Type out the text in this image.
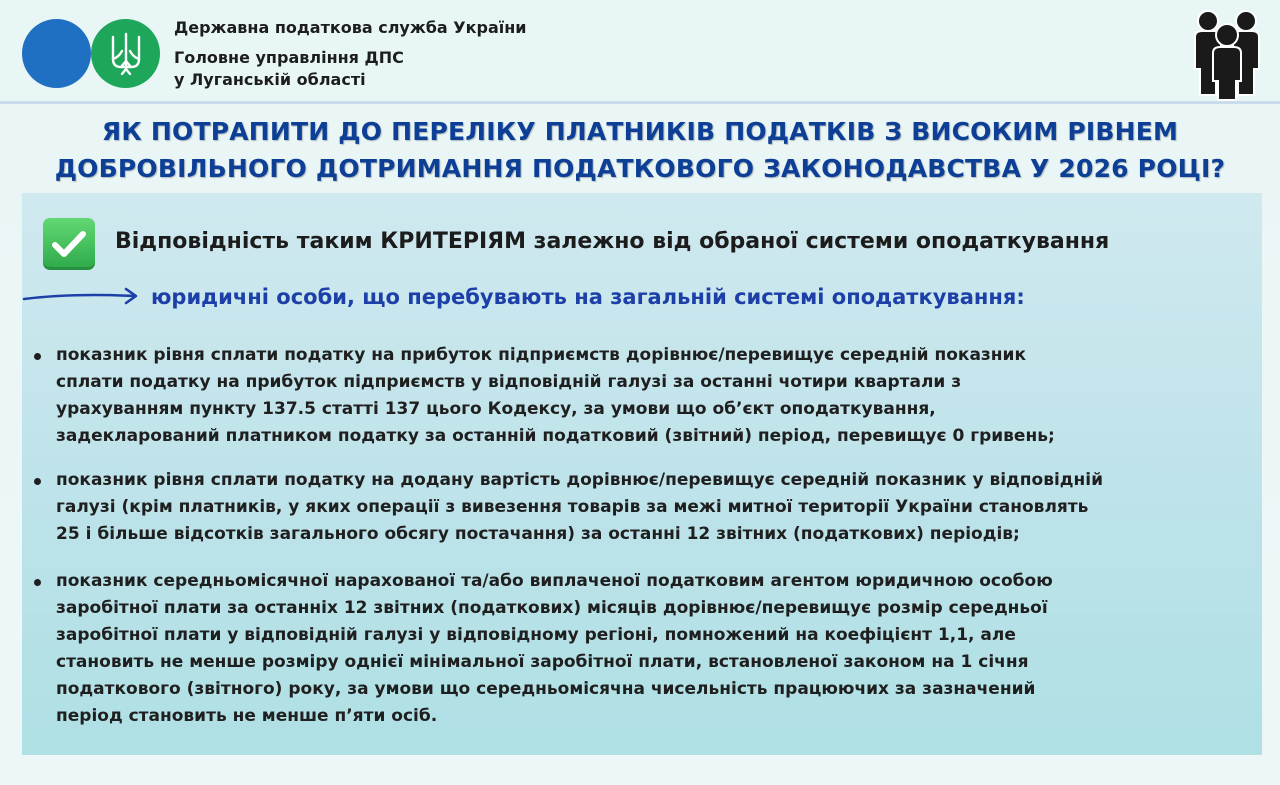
Державна податкова служба України
Головне управління ДПС
у Луганській області
ЯК ПОТРАПИТИ ДО ПЕРЕЛІКУ ПЛАТНИКІВ ПОДАТКІВ З ВИСОКИМ РІВНЕМ
ДОБРОВІЛЬНОГО ДОТРИМАННЯ ПОДАТКОВОГО ЗАКОНОДАВСТВА У 2026 РОЦІ?
Відповідність таким КРИТЕРІЯМ залежно від обраної системи оподаткування
юридичні особи, що перебувають на загальній системі оподаткування:
показник рівня сплати податку на прибуток підприємств дорівнює/перевищує середній показник
сплати податку на прибуток підприємств у відповідній галузі за останні чотири квартали з
урахуванням пункту 137.5 статті 137 цього Кодексу, за умови що об’єкт оподаткування,
задекларований платником податку за останній податковий (звітний) період, перевищує 0 гривень;
показник рівня сплати податку на додану вартість дорівнює/перевищує середній показник у відповідній
галузі (крім платників, у яких операції з вивезення товарів за межі митної території України становлять
25 і більше відсотків загального обсягу постачання) за останні 12 звітних (податкових) періодів;
показник середньомісячної нарахованої та/або виплаченої податковим агентом юридичною особою
заробітної плати за останніх 12 звітних (податкових) місяців дорівнює/перевищує розмір середньої
заробітної плати у відповідній галузі у відповідному регіоні, помножений на коефіцієнт 1,1, але
становить не менше розміру однієї мінімальної заробітної плати, встановленої законом на 1 січня
податкового (звітного) року, за умови що середньомісячна чисельність працюючих за зазначений
період становить не менше п’яти осіб.
